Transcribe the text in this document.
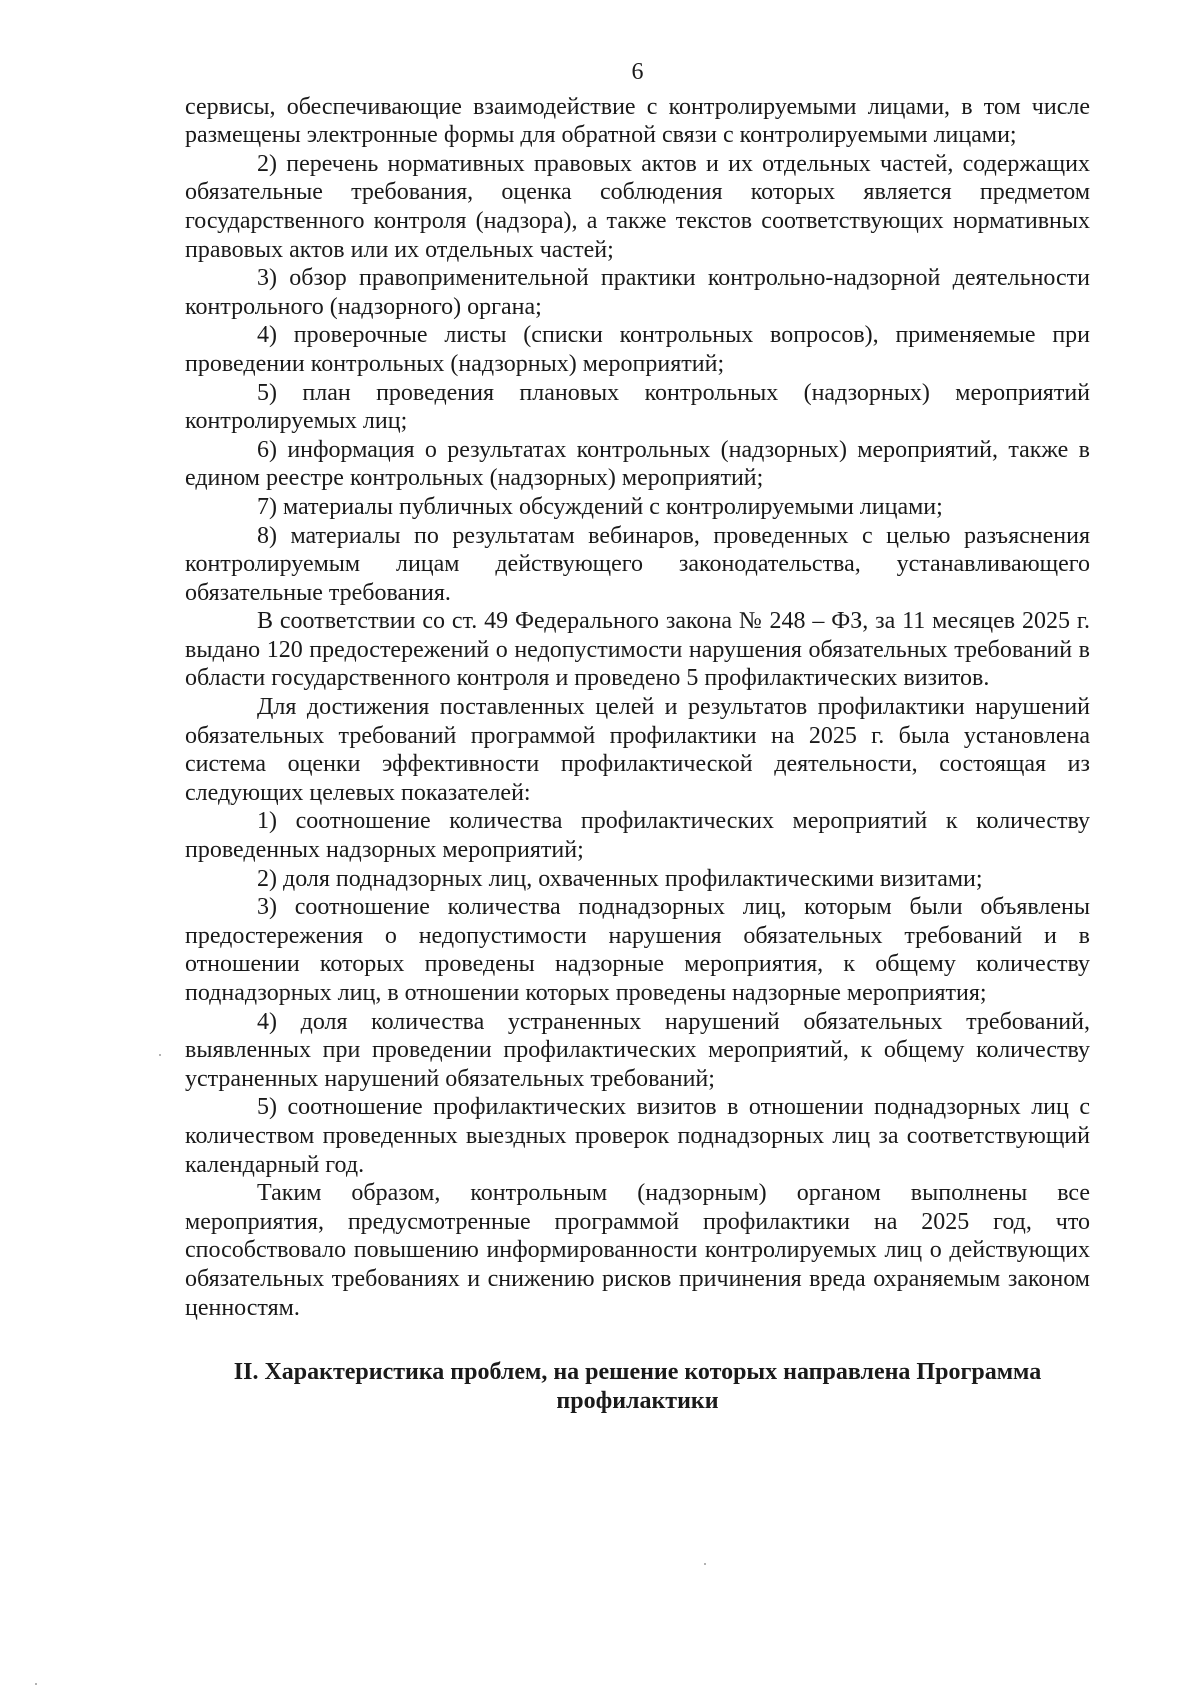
6

сервисы, обеспечивающие взаимодействие с контролируемыми лицами, в том числе размещены электронные формы для обратной связи с контролируемыми лицами;

2) перечень нормативных правовых актов и их отдельных частей, содержащих обязательные требования, оценка соблюдения которых является предметом государственного контроля (надзора), а также текстов соответствующих нормативных правовых актов или их отдельных частей;

3) обзор правоприменительной практики контрольно-надзорной деятельности контрольного (надзорного) органа;

4) проверочные листы (списки контрольных вопросов), применяемые при проведении контрольных (надзорных) мероприятий;

5) план проведения плановых контрольных (надзорных) мероприятий контролируемых лиц;

6) информация о результатах контрольных (надзорных) мероприятий, также в едином реестре контрольных (надзорных) мероприятий;

7) материалы публичных обсуждений с контролируемыми лицами;

8) материалы по результатам вебинаров, проведенных с целью разъяснения контролируемым лицам действующего законодательства, устанавливающего обязательные требования.

В соответствии со ст. 49 Федерального закона № 248 – ФЗ, за 11 месяцев 2025 г. выдано 120 предостережений о недопустимости нарушения обязательных требований в области государственного контроля и проведено 5 профилактических визитов.

Для достижения поставленных целей и результатов профилактики нарушений обязательных требований программой профилактики на 2025 г. была установлена система оценки эффективности профилактической деятельности, состоящая из следующих целевых показателей:

1) соотношение количества профилактических мероприятий к количеству проведенных надзорных мероприятий;

2) доля поднадзорных лиц, охваченных профилактическими визитами;

3) соотношение количества поднадзорных лиц, которым были объявлены предостережения о недопустимости нарушения обязательных требований и в отношении которых проведены надзорные мероприятия, к общему количеству поднадзорных лиц, в отношении которых проведены надзорные мероприятия;

4) доля количества устраненных нарушений обязательных требований, выявленных при проведении профилактических мероприятий, к общему количеству устраненных нарушений обязательных требований;

5) соотношение профилактических визитов в отношении поднадзорных лиц с количеством проведенных выездных проверок поднадзорных лиц за соответствующий календарный год.

Таким образом, контрольным (надзорным) органом выполнены все мероприятия, предусмотренные программой профилактики на 2025 год, что способствовало повышению информированности контролируемых лиц о действующих обязательных требованиях и снижению рисков причинения вреда охраняемым законом ценностям.

II. Характеристика проблем, на решение которых направлена Программа профилактики
